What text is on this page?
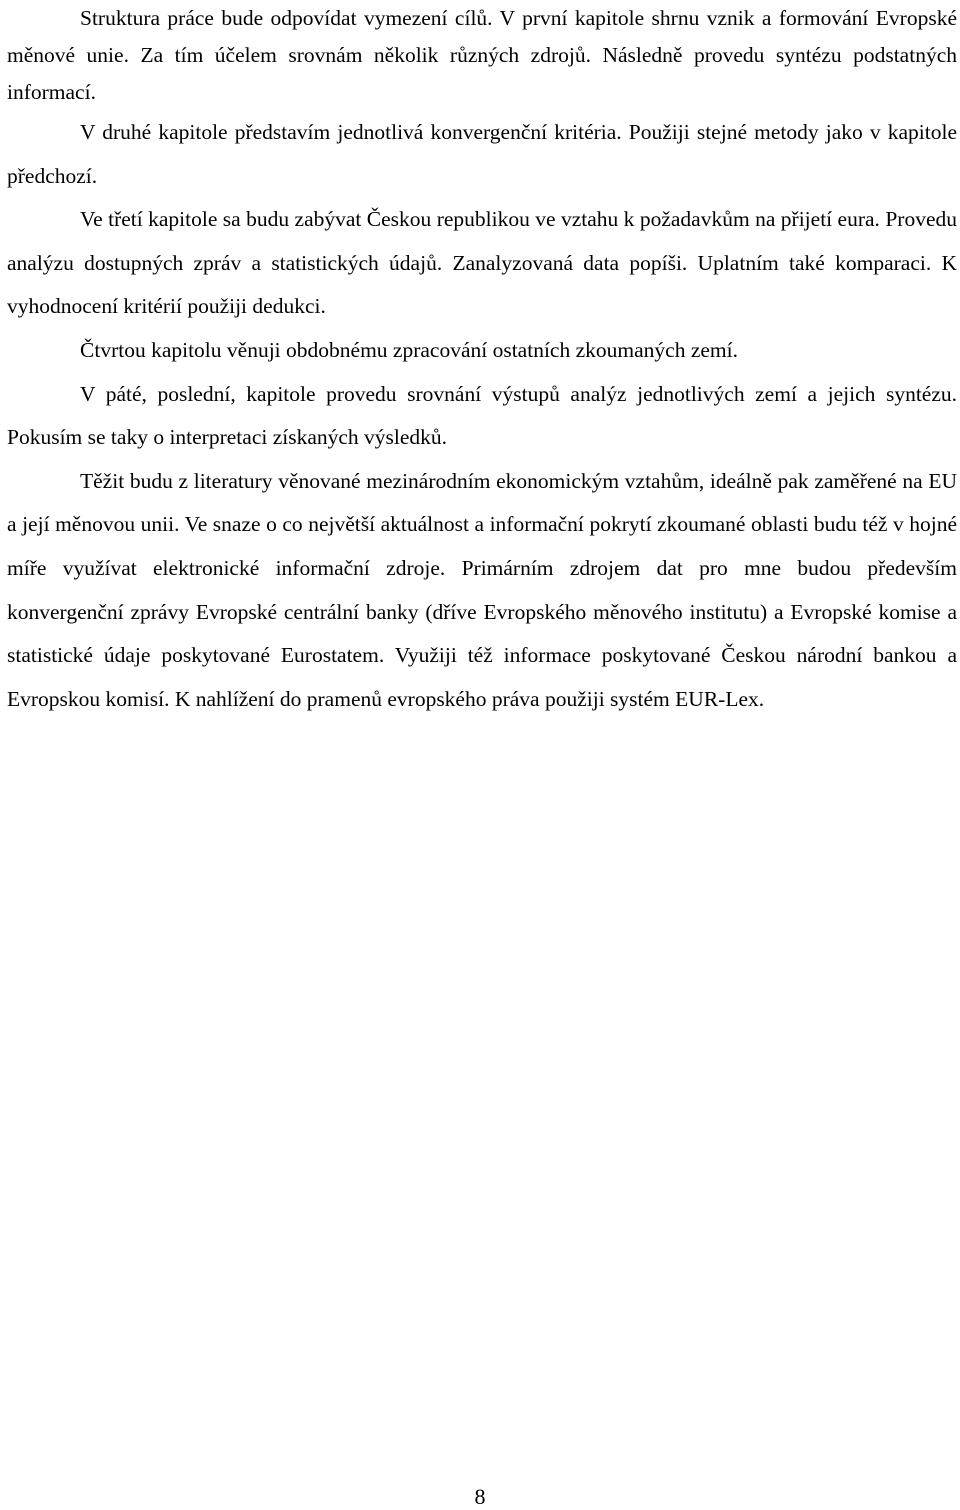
Struktura práce bude odpovídat vymezení cílů. V první kapitole shrnu vznik a formování Evropské měnové unie. Za tím účelem srovnám několik různých zdrojů. Následně provedu syntézu podstatných informací.

V druhé kapitole představím jednotlivá konvergenční kritéria. Použiji stejné metody jako v kapitole předchozí.

Ve třetí kapitole sa budu zabývat Českou republikou ve vztahu k požadavkům na přijetí eura. Provedu analýzu dostupných zpráv a statistických údajů. Zanalyzovaná data popíši. Uplatním také komparaci. K vyhodnocení kritérií použiji dedukci.

Čtvrtou kapitolu věnuji obdobnému zpracování ostatních zkoumaných zemí.

V páté, poslední, kapitole provedu srovnání výstupů analýz jednotlivých zemí a jejich syntézu. Pokusím se taky o interpretaci získaných výsledků.

Těžit budu z literatury věnované mezinárodním ekonomickým vztahům, ideálně pak zaměřené na EU a její měnovou unii. Ve snaze o co největší aktuálnost a informační pokrytí zkoumané oblasti budu též v hojné míře využívat elektronické informační zdroje. Primárním zdrojem dat pro mne budou především konvergenční zprávy Evropské centrální banky (dříve Evropského měnového institutu) a Evropské komise a statistické údaje poskytované Eurostatem. Využiji též informace poskytované Českou národní bankou a Evropskou komisí. K nahlížení do pramenů evropského práva použiji systém EUR-Lex.

8
